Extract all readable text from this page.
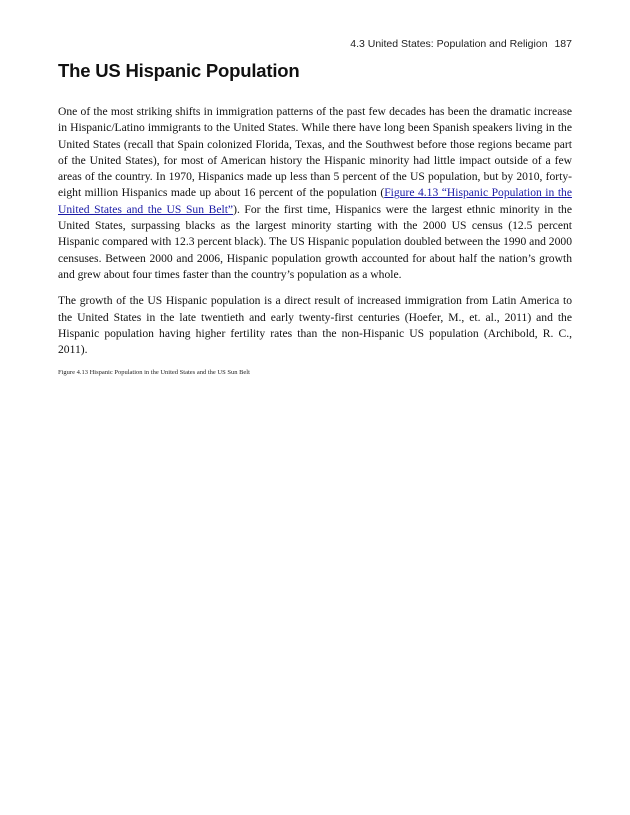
4.3 United States: Population and Religion 187
The US Hispanic Population

One of the most striking shifts in immigration patterns of the past few decades has been the dramatic increase in Hispanic/Latino immigrants to the United States. While there have long been Spanish speakers living in the United States (recall that Spain colonized Florida, Texas, and the Southwest before those regions became part of the United States), for most of American history the Hispanic minority had little impact outside of a few areas of the country. In 1970, Hispanics made up less than 5 percent of the US population, but by 2010, forty-eight million Hispanics made up about 16 percent of the population (Figure 4.13 “Hispanic Population in the United States and the US Sun Belt”). For the first time, Hispanics were the largest ethnic minority in the United States, surpassing blacks as the largest minority starting with the 2000 US census (12.5 percent Hispanic compared with 12.3 percent black). The US Hispanic population doubled between the 1990 and 2000 censuses. Between 2000 and 2006, Hispanic population growth accounted for about half the nation’s growth and grew about four times faster than the country’s population as a whole.

The growth of the US Hispanic population is a direct result of increased immigration from Latin America to the United States in the late twentieth and early twenty-first centuries (Hoefer, M., et. al., 2011) and the Hispanic population having higher fertility rates than the non-Hispanic US population (Archibold, R. C., 2011).

Figure 4.13 Hispanic Population in the United States and the US Sun Belt
